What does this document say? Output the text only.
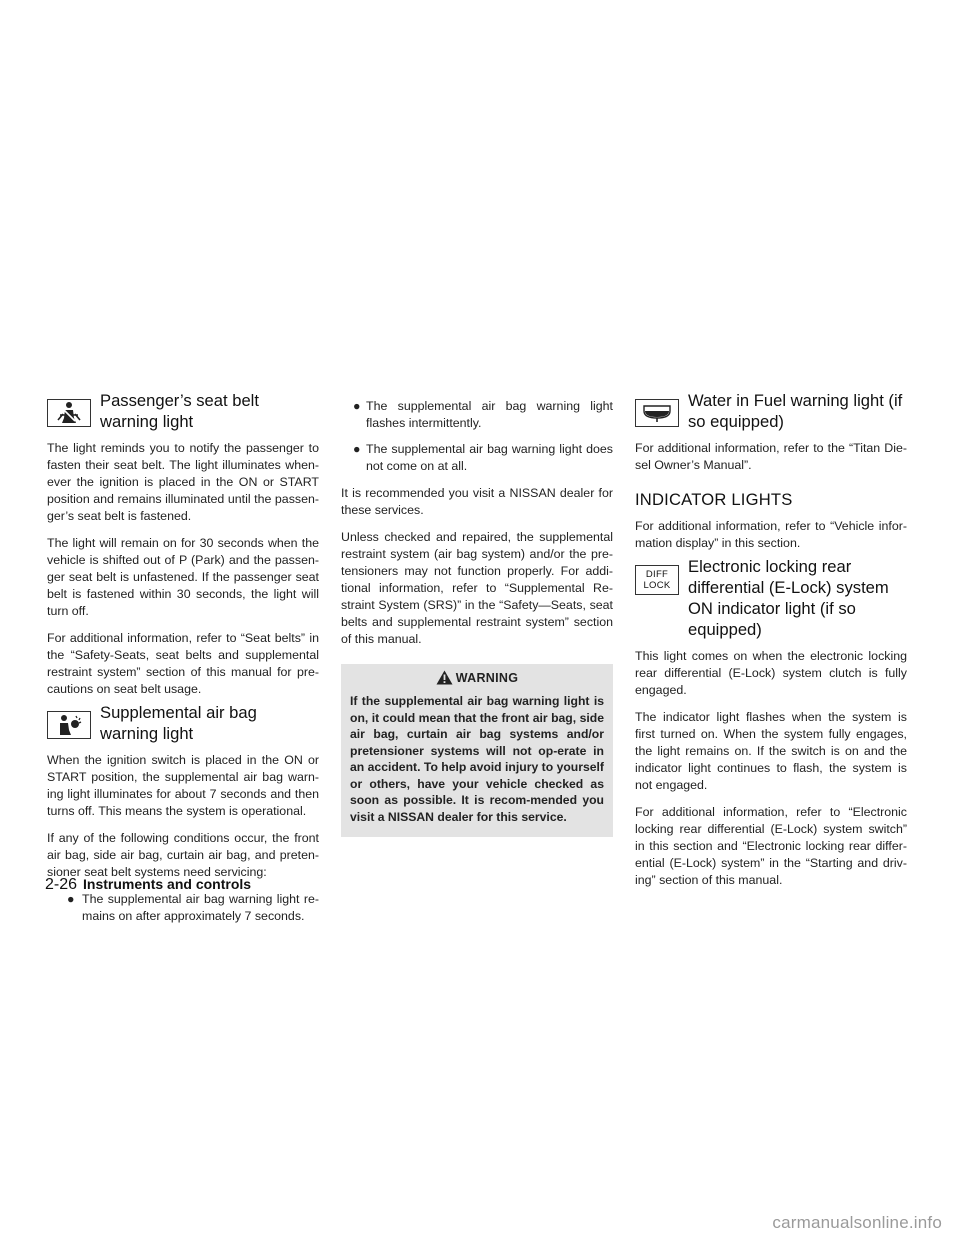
Passenger’s seat belt warning light

The light reminds you to notify the passenger to fasten their seat belt. The light illuminates when-ever the ignition is placed in the ON or START position and remains illuminated until the passen-ger’s seat belt is fastened.

The light will remain on for 30 seconds when the vehicle is shifted out of P (Park) and the passen-ger seat belt is unfastened. If the passenger seat belt is fastened within 30 seconds, the light will turn off.

For additional information, refer to “Seat belts” in the “Safety-Seats, seat belts and supplemental restraint system” section of this manual for pre-cautions on seat belt usage.

Supplemental air bag warning light

When the ignition switch is placed in the ON or START position, the supplemental air bag warn-ing light illuminates for about 7 seconds and then turns off. This means the system is operational.

If any of the following conditions occur, the front air bag, side air bag, curtain air bag, and preten-sioner seat belt systems need servicing:

● The supplemental air bag warning light re-mains on after approximately 7 seconds.
● The supplemental air bag warning light flashes intermittently.
● The supplemental air bag warning light does not come on at all.

It is recommended you visit a NISSAN dealer for these services.

Unless checked and repaired, the supplemental restraint system (air bag system) and/or the pre-tensioners may not function properly. For addi-tional information, refer to “Supplemental Re-straint System (SRS)” in the “Safety—Seats, seat belts and supplemental restraint system” section of this manual.

WARNING

If the supplemental air bag warning light is on, it could mean that the front air bag, side air bag, curtain air bag systems and/or pretensioner systems will not op-erate in an accident. To help avoid injury to yourself or others, have your vehicle checked as soon as possible. It is recom-mended you visit a NISSAN dealer for this service.

Water in Fuel warning light (if so equipped)

For additional information, refer to the “Titan Die-sel Owner’s Manual”.

INDICATOR LIGHTS

For additional information, refer to “Vehicle infor-mation display” in this section.

DIFF
LOCK
Electronic locking rear differential (E-Lock) system ON indicator light (if so equipped)

This light comes on when the electronic locking rear differential (E-Lock) system clutch is fully engaged.

The indicator light flashes when the system is first turned on. When the system fully engages, the light remains on. If the switch is on and the indicator light continues to flash, the system is not engaged.

For additional information, refer to “Electronic locking rear differential (E-Lock) system switch” in this section and “Electronic locking rear differ-ential (E-Lock) system” in the “Starting and driv-ing” section of this manual.

2-26 Instruments and controls
carmanualsonline.info
